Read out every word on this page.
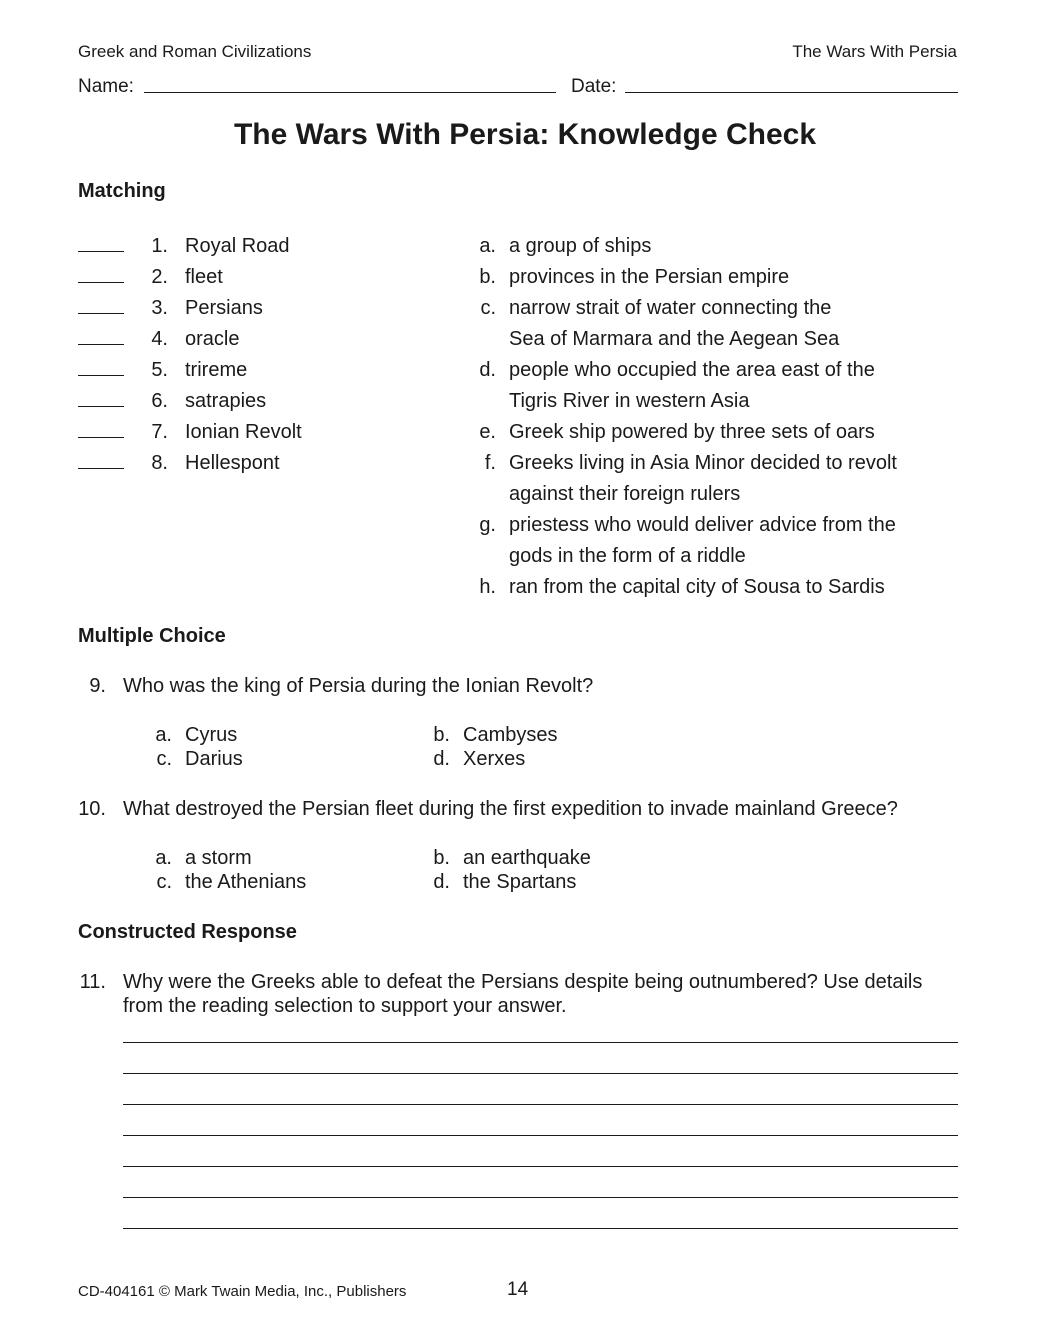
Greek and Roman Civilizations	The Wars With Persia
Name:	Date:
The Wars With Persia: Knowledge Check
Matching
1. Royal Road
2. fleet
3. Persians
4. oracle
5. trireme
6. satrapies
7. Ionian Revolt
8. Hellespont
a. a group of ships
b. provinces in the Persian empire
c. narrow strait of water connecting the
Sea of Marmara and the Aegean Sea
d. people who occupied the area east of the
Tigris River in western Asia
e. Greek ship powered by three sets of oars
f. Greeks living in Asia Minor decided to revolt
against their foreign rulers
g. priestess who would deliver advice from the
gods in the form of a riddle
h. ran from the capital city of Sousa to Sardis
Multiple Choice
9. Who was the king of Persia during the Ionian Revolt?
a. Cyrus	b. Cambyses
c. Darius	d. Xerxes
10. What destroyed the Persian fleet during the first expedition to invade mainland Greece?
a. a storm	b. an earthquake
c. the Athenians	d. the Spartans
Constructed Response
11. Why were the Greeks able to defeat the Persians despite being outnumbered? Use details
from the reading selection to support your answer.
CD-404161 © Mark Twain Media, Inc., Publishers	14
